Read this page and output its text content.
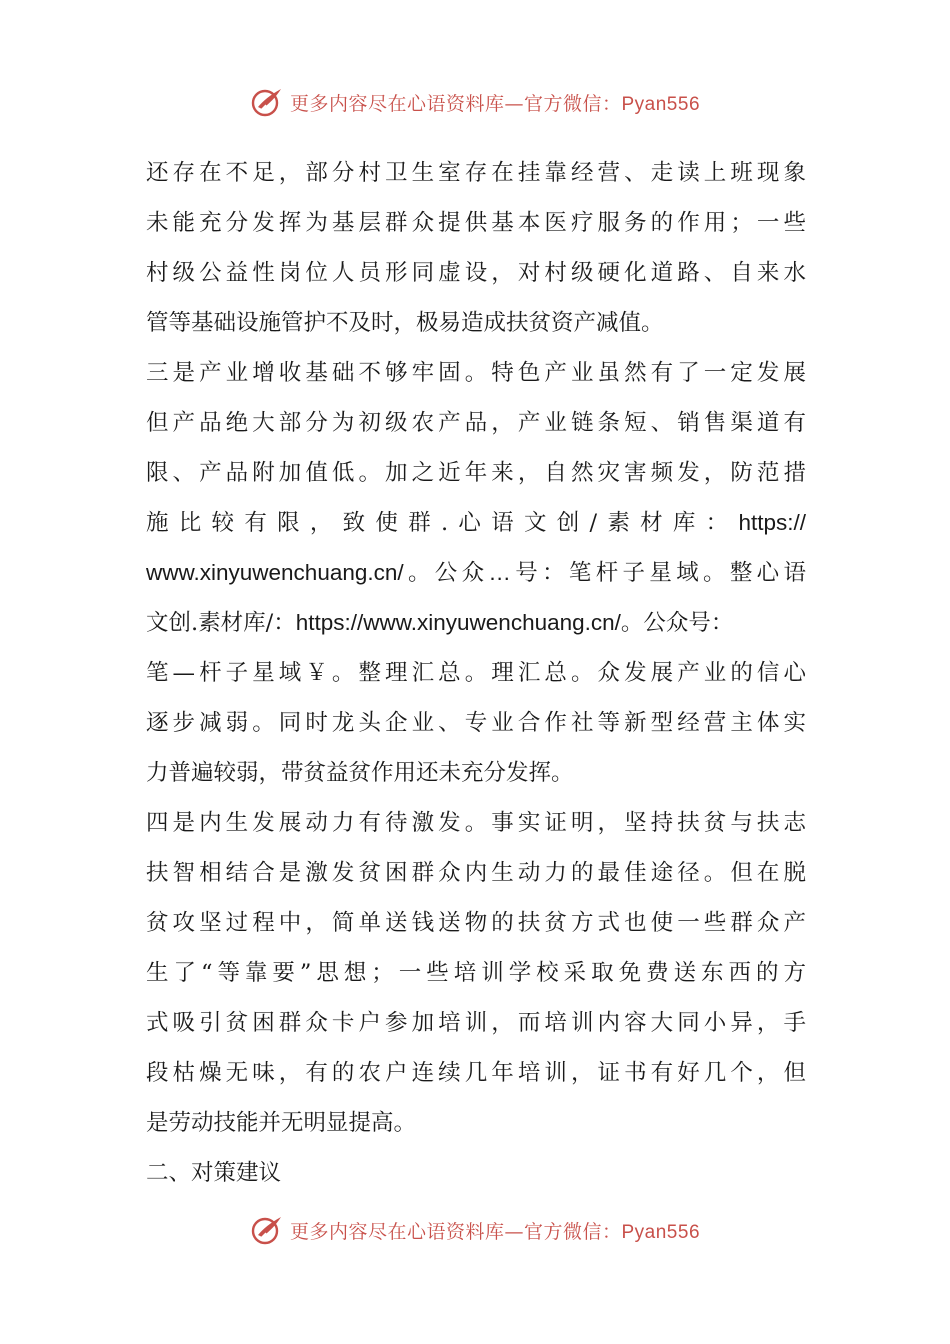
更多内容尽在心语资料库—官方微信：Pyan556
还存在不足，部分村卫生室存在挂靠经营、走读上班现象
未能充分发挥为基层群众提供基本医疗服务的作用；一些
村级公益性岗位人员形同虚设，对村级硬化道路、自来水
管等基础设施管护不及时，极易造成扶贫资产减值。
三是产业增收基础不够牢固。特色产业虽然有了一定发展
但产品绝大部分为初级农产品，产业链条短、销售渠道有
限、产品附加值低。加之近年来，自然灾害频发，防范措
施比较有限，致使群.心语文创/素材库：https://
www.xinyuwenchuang.cn/。公众…号：笔杆子星域。整心语
文创.素材库/：https://www.xinyuwenchuang.cn/。公众号：
笔—杆子星域￥。整理汇总。理汇总。众发展产业的信心
逐步减弱。同时龙头企业、专业合作社等新型经营主体实
力普遍较弱，带贫益贫作用还未充分发挥。
四是内生发展动力有待激发。事实证明，坚持扶贫与扶志
扶智相结合是激发贫困群众内生动力的最佳途径。但在脱
贫攻坚过程中，简单送钱送物的扶贫方式也使一些群众产
生了“等靠要”思想；一些培训学校采取免费送东西的方
式吸引贫困群众卡户参加培训，而培训内容大同小异，手
段枯燥无味，有的农户连续几年培训，证书有好几个，但
是劳动技能并无明显提高。
二、对策建议
更多内容尽在心语资料库—官方微信：Pyan556
